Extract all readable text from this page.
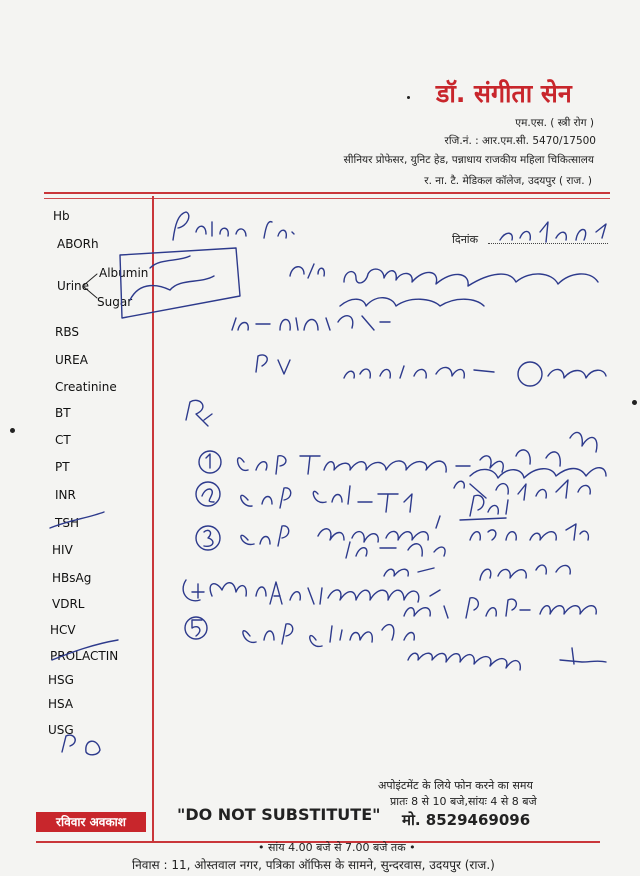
डॉ. संगीता सेन
एम.एस. ( स्त्री रोग )
रजि.नं. : आर.एम.सी. 5470/17500
सीनियर प्रोफेसर, युनिट हेड, पन्नाधाय राजकीय महिला चिकित्सालय
र. ना. टै. मेडिकल कॉलेज, उदयपुर ( राज. )
Hb
ABORh
Urine
Albumin
Sugar
RBS
UREA
Creatinine
BT
CT
PT
INR
TSH
HIV
HBsAg
VDRL
HCV
PROLACTIN
HSG
HSA
USG
दिनांक
अपोइंटमेंट के लिये फोन करने का समय
प्रातः 8 से 10 बजे,सांयः 4 से 8 बजे
मो. 8529469096
"DO NOT SUBSTITUTE"
रविवार अवकाश
• सांय 4.00 बजे से 7.00 बजे तक •
निवास : 11, ओस्तवाल नगर, पत्रिका ऑफिस के सामने, सुन्दरवास, उदयपुर (राज.)
